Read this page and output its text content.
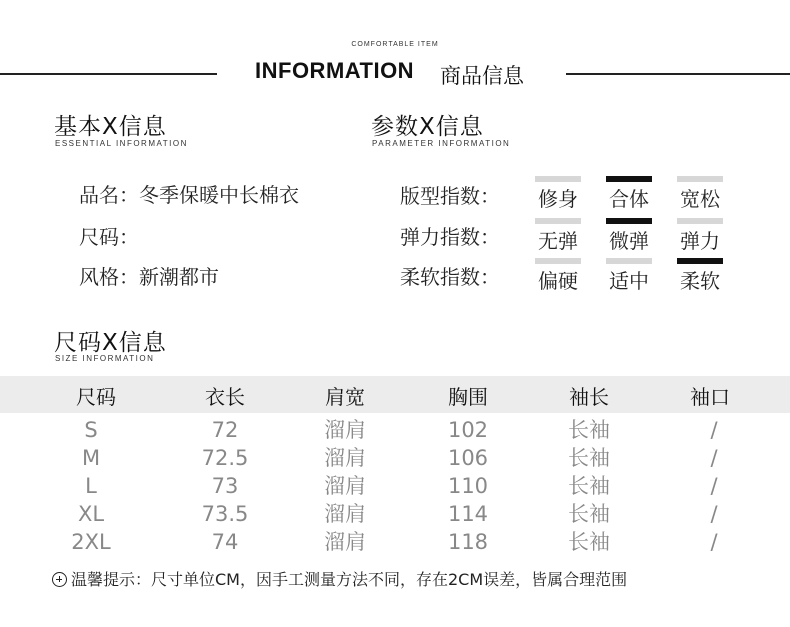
COMFORTABLE ITEM
INFORMATION 商品信息
基本X信息
ESSENTIAL INFORMATION
品名：冬季保暖中长棉衣
尺码：
风格：新潮都市
参数X信息
PARAMETER INFORMATION
版型指数： 修身 合体 宽松
弹力指数： 无弹 微弹 弹力
柔软指数： 偏硬 适中 柔软
尺码X信息
SIZE INFORMATION
尺码	衣长	肩宽	胸围	袖长	袖口
S	72	溜肩	102	长袖	/
M	72.5	溜肩	106	长袖	/
L	73	溜肩	110	长袖	/
XL	73.5	溜肩	114	长袖	/
2XL	74	溜肩	118	长袖	/
温馨提示：尺寸单位CM，因手工测量方法不同，存在2CM误差，皆属合理范围
